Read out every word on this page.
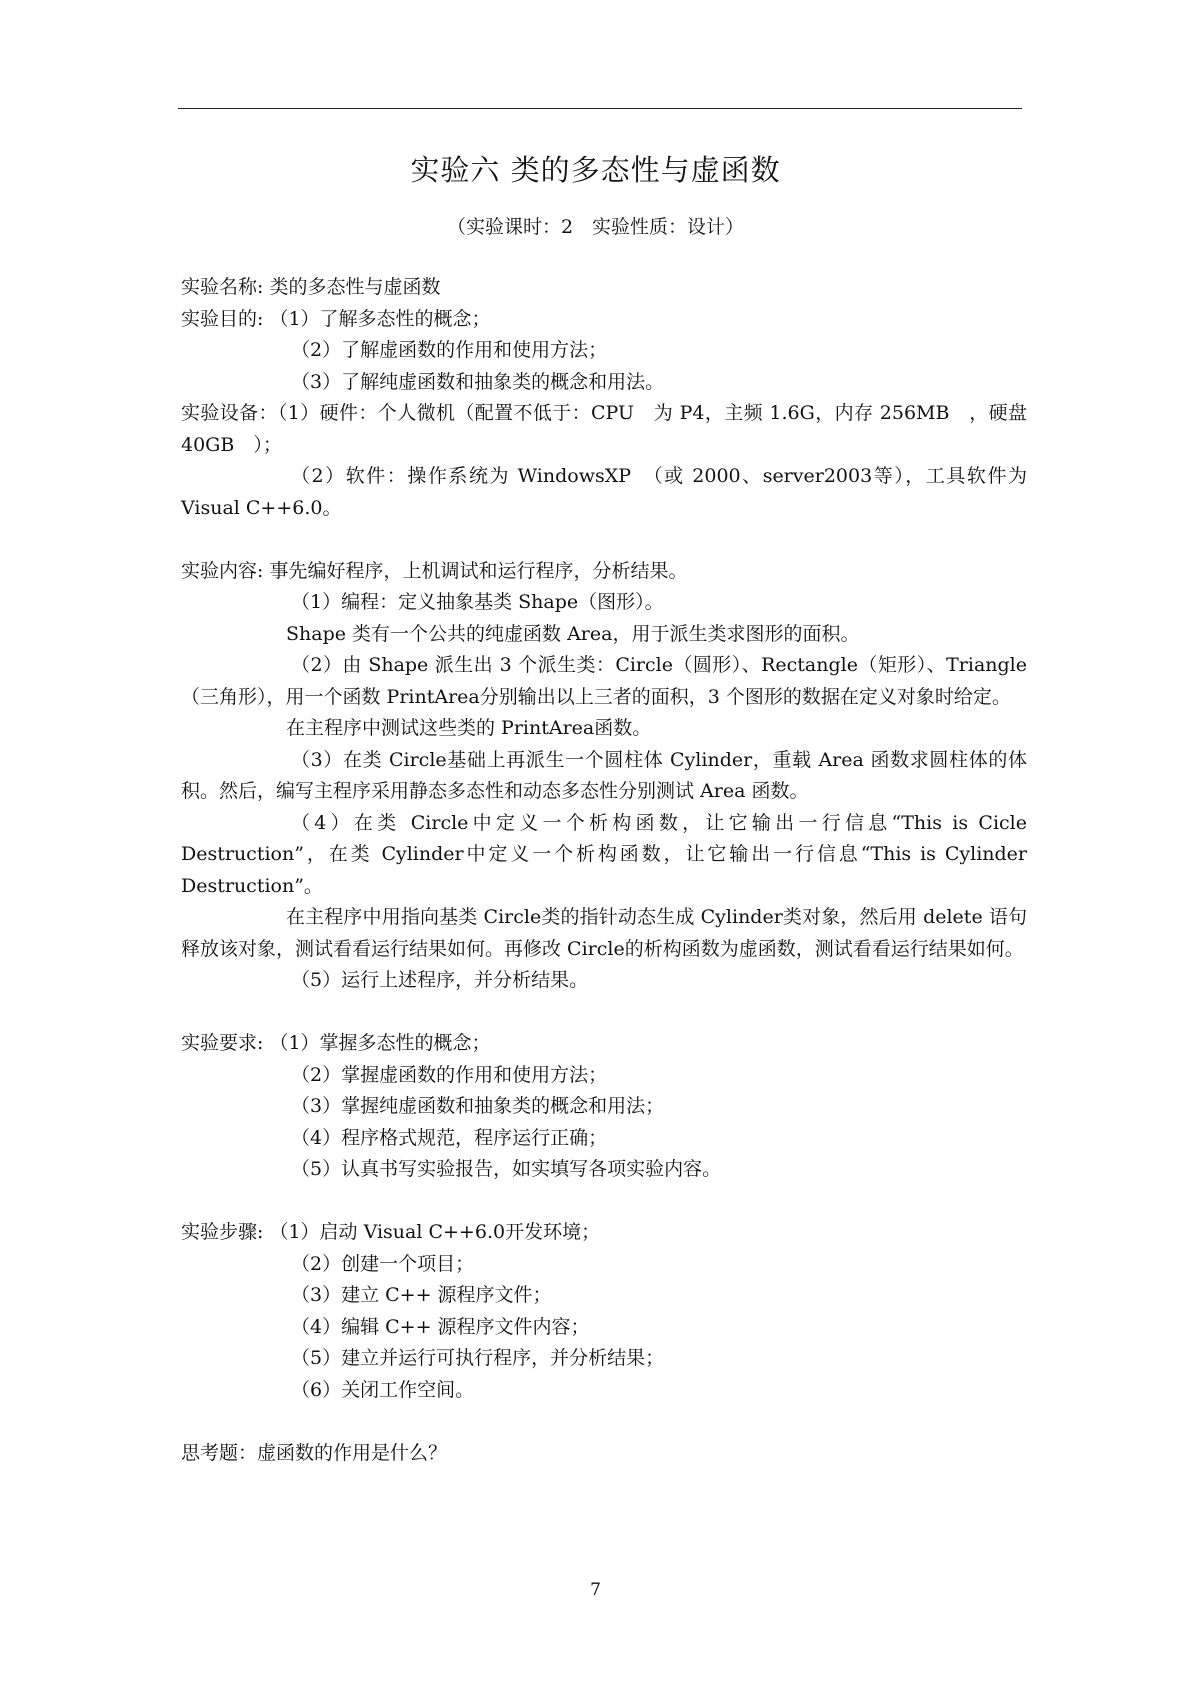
实验六 类的多态性与虚函数
（实验课时：2　实验性质：设计）
实验名称: 类的多态性与虚函数
实验目的: （1）了解多态性的概念；
（2）了解虚函数的作用和使用方法；
（3）了解纯虚函数和抽象类的概念和用法。
实验设备：（1）硬件：个人微机（配置不低于：CPU　为 P4，主频 1.6G，内存 256MB　，硬盘 40GB　）；
（2）软件：操作系统为 WindowsXP　（或 2000、server2003等），工具软件为 Visual C++6.0。
实验内容: 事先编好程序，上机调试和运行程序，分析结果。
（1）编程：定义抽象基类 Shape（图形）。
Shape 类有一个公共的纯虚函数 Area，用于派生类求图形的面积。
（2）由 Shape 派生出 3 个派生类：Circle（圆形）、Rectangle（矩形）、Triangle（三角形），用一个函数 PrintArea分别输出以上三者的面积，3 个图形的数据在定义对象时给定。
在主程序中测试这些类的 PrintArea函数。
（3）在类 Circle基础上再派生一个圆柱体 Cylinder，重载 Area 函数求圆柱体的体积。然后，编写主程序采用静态多态性和动态多态性分别测试 Area 函数。
（4）在类 Circle中定义一个析构函数，让它输出一行信息“This is Cicle Destruction”，在类 Cylinder中定义一个析构函数，让它输出一行信息“This is Cylinder Destruction”。
在主程序中用指向基类 Circle类的指针动态生成 Cylinder类对象，然后用 delete 语句释放该对象，测试看看运行结果如何。再修改 Circle的析构函数为虚函数，测试看看运行结果如何。
（5）运行上述程序，并分析结果。
实验要求: （1）掌握多态性的概念；
（2）掌握虚函数的作用和使用方法；
（3）掌握纯虚函数和抽象类的概念和用法；
（4）程序格式规范，程序运行正确；
（5）认真书写实验报告，如实填写各项实验内容。
实验步骤: （1）启动 Visual C++6.0开发环境；
（2）创建一个项目；
（3）建立 C++ 源程序文件；
（4）编辑 C++ 源程序文件内容；
（5）建立并运行可执行程序，并分析结果；
（6）关闭工作空间。
思考题：虚函数的作用是什么？
7
